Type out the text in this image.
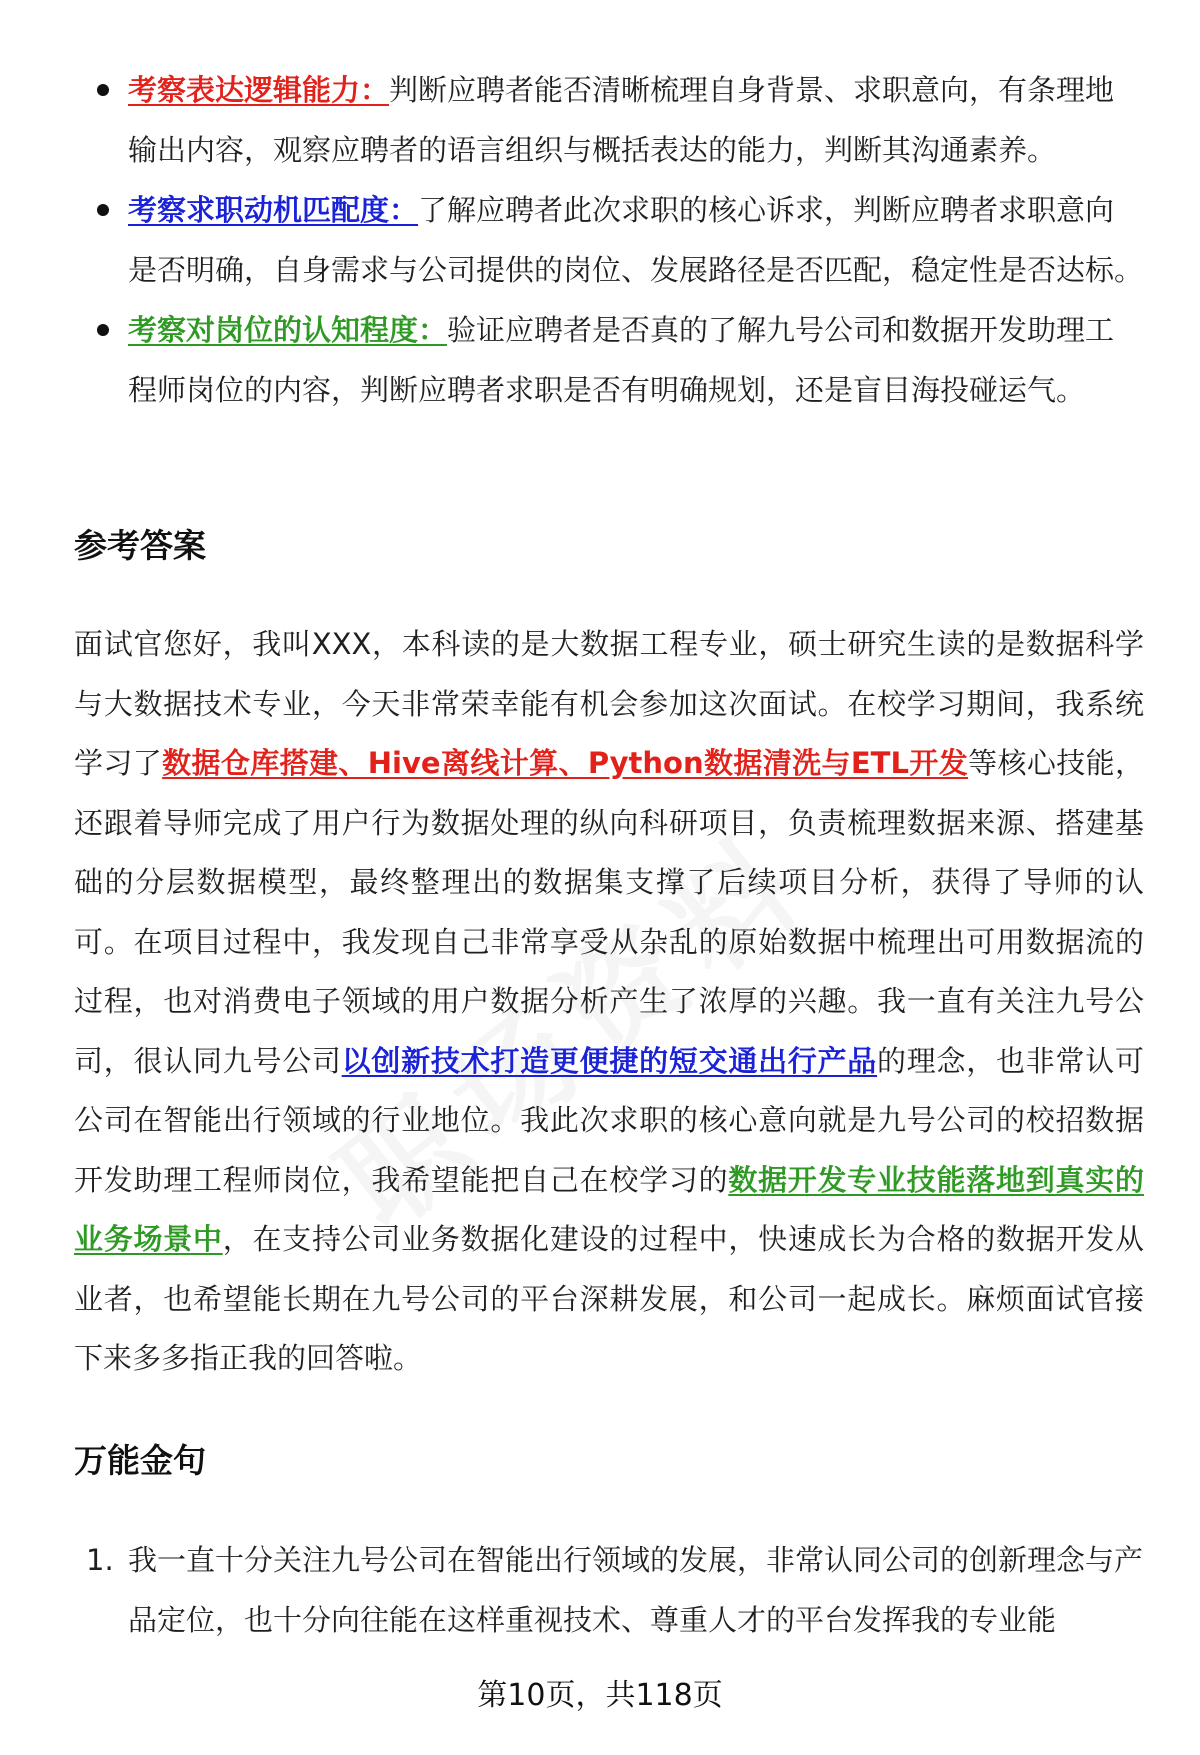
考察表达逻辑能力：判断应聘者能否清晰梳理自身背景、求职意向，有条理地输出内容，观察应聘者的语言组织与概括表达的能力，判断其沟通素养。
考察求职动机匹配度：了解应聘者此次求职的核心诉求，判断应聘者求职意向是否明确，自身需求与公司提供的岗位、发展路径是否匹配，稳定性是否达标。
考察对岗位的认知程度：验证应聘者是否真的了解九号公司和数据开发助理工程师岗位的内容，判断应聘者求职是否有明确规划，还是盲目海投碰运气。
参考答案

面试官您好，我叫XXX，本科读的是大数据工程专业，硕士研究生读的是数据科学与大数据技术专业，今天非常荣幸能有机会参加这次面试。在校学习期间，我系统学习了数据仓库搭建、Hive离线计算、Python数据清洗与ETL开发等核心技能，还跟着导师完成了用户行为数据处理的纵向科研项目，负责梳理数据来源、搭建基础的分层数据模型，最终整理出的数据集支撑了后续项目分析，获得了导师的认可。在项目过程中，我发现自己非常享受从杂乱的原始数据中梳理出可用数据流的过程，也对消费电子领域的用户数据分析产生了浓厚的兴趣。我一直有关注九号公司，很认同九号公司以创新技术打造更便捷的短交通出行产品的理念，也非常认可公司在智能出行领域的行业地位。我此次求职的核心意向就是九号公司的校招数据开发助理工程师岗位，我希望能把自己在校学习的数据开发专业技能落地到真实的业务场景中，在支持公司业务数据化建设的过程中，快速成长为合格的数据开发从业者，也希望能长期在九号公司的平台深耕发展，和公司一起成长。麻烦面试官接下来多多指正我的回答啦。

万能金句
1. 我一直十分关注九号公司在智能出行领域的发展，非常认同公司的创新理念与产品定位，也十分向往能在这样重视技术、尊重人才的平台发挥我的专业能
第10页，共118页
